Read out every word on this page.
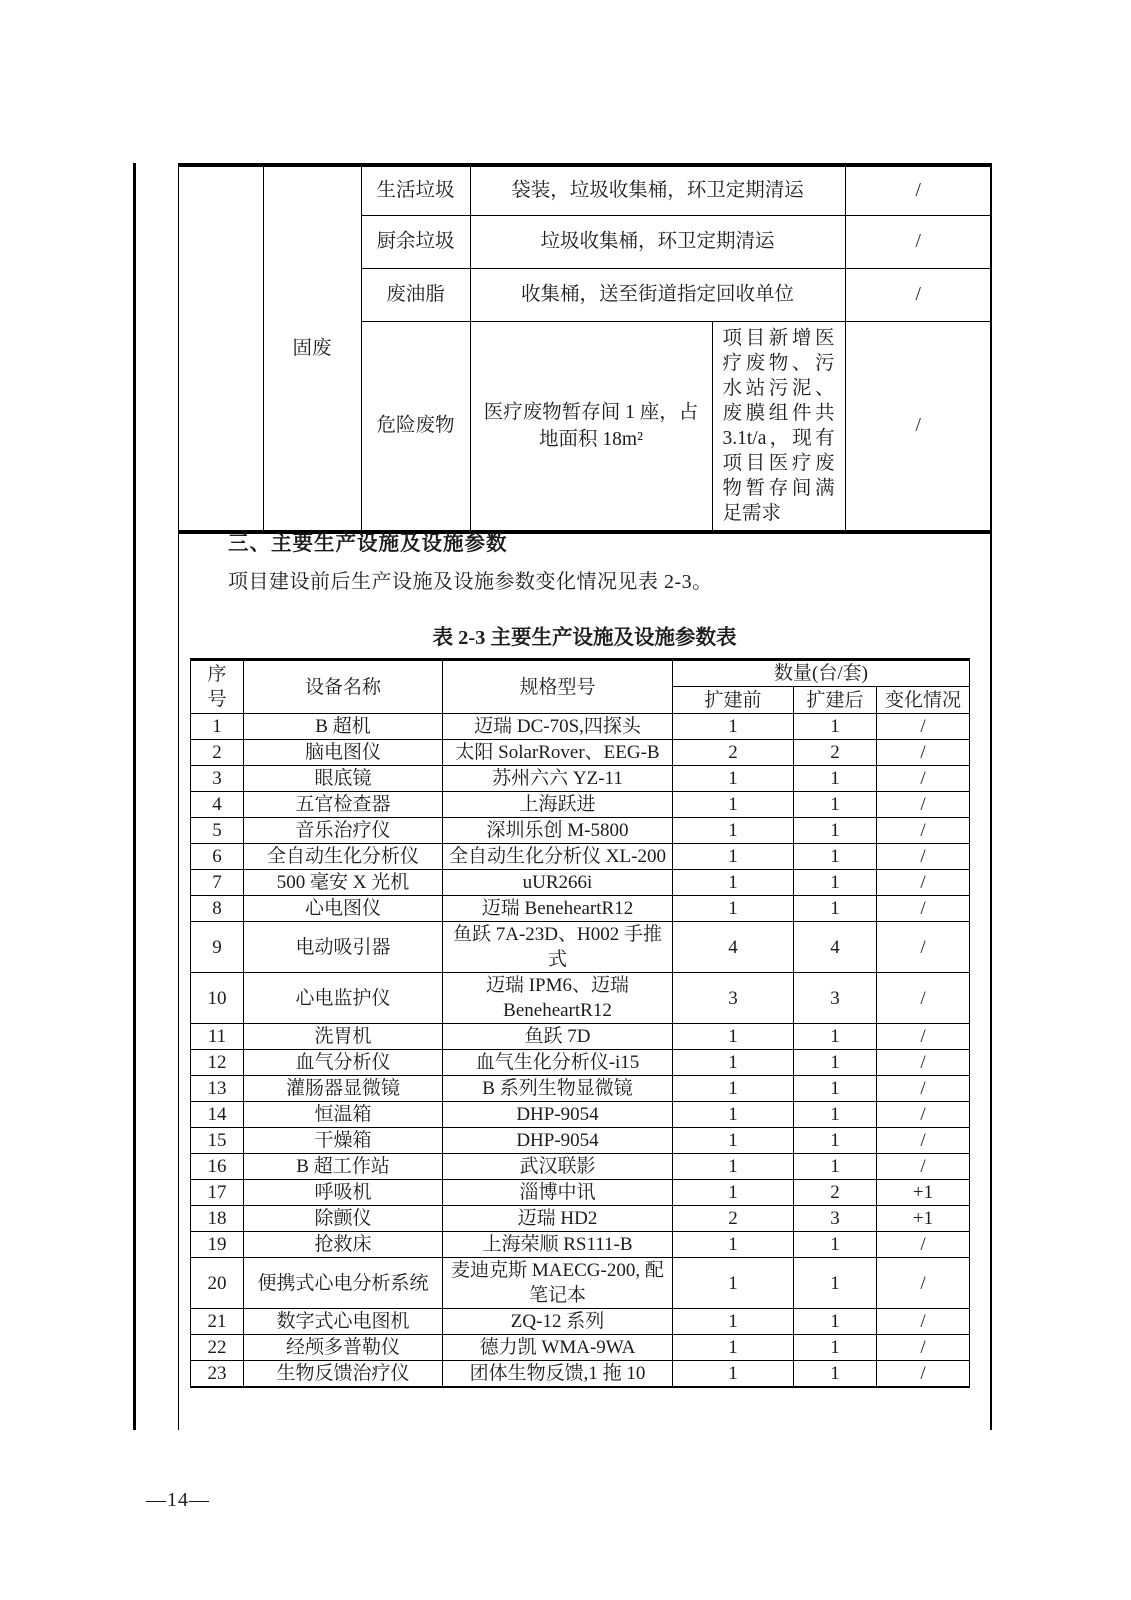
	固废	生活垃圾	袋装，垃圾收集桶，环卫定期清运		/
		厨余垃圾	垃圾收集桶，环卫定期清运		/
		废油脂	收集桶，送至街道指定回收单位		/
		危险废物	医疗废物暂存间 1 座，占地面积 18m²	项目新增医疗废物、污水站污泥、废膜组件共3.1t/a，现有项目医疗废物暂存间满足需求	/
三、主要生产设施及设施参数
项目建设前后生产设施及设施参数变化情况见表 2-3。
表 2-3 主要生产设施及设施参数表
序号	设备名称	规格型号	数量(台/套)		
			扩建前	扩建后	变化情况
1	B 超机	迈瑞 DC-70S,四探头	1	1	/
2	脑电图仪	太阳 SolarRover、EEG-B	2	2	/
3	眼底镜	苏州六六 YZ-11	1	1	/
4	五官检查器	上海跃进	1	1	/
5	音乐治疗仪	深圳乐创 M-5800	1	1	/
6	全自动生化分析仪	全自动生化分析仪 XL-200	1	1	/
7	500 毫安 X 光机	uUR266i	1	1	/
8	心电图仪	迈瑞 BeneheartR12	1	1	/
9	电动吸引器	鱼跃 7A-23D、H002 手推式	4	4	/
10	心电监护仪	迈瑞 IPM6、迈瑞 BeneheartR12	3	3	/
11	洗胃机	鱼跃 7D	1	1	/
12	血气分析仪	血气生化分析仪-i15	1	1	/
13	灌肠器显微镜	B 系列生物显微镜	1	1	/
14	恒温箱	DHP-9054	1	1	/
15	干燥箱	DHP-9054	1	1	/
16	B 超工作站	武汉联影	1	1	/
17	呼吸机	淄博中讯	1	2	+1
18	除颤仪	迈瑞 HD2	2	3	+1
19	抢救床	上海荣顺 RS111-B	1	1	/
20	便携式心电分析系统	麦迪克斯 MAECG-200, 配笔记本	1	1	/
21	数字式心电图机	ZQ-12 系列	1	1	/
22	经颅多普勒仪	德力凯 WMA-9WA	1	1	/
23	生物反馈治疗仪	团体生物反馈,1 拖 10	1	1	/
—14—
